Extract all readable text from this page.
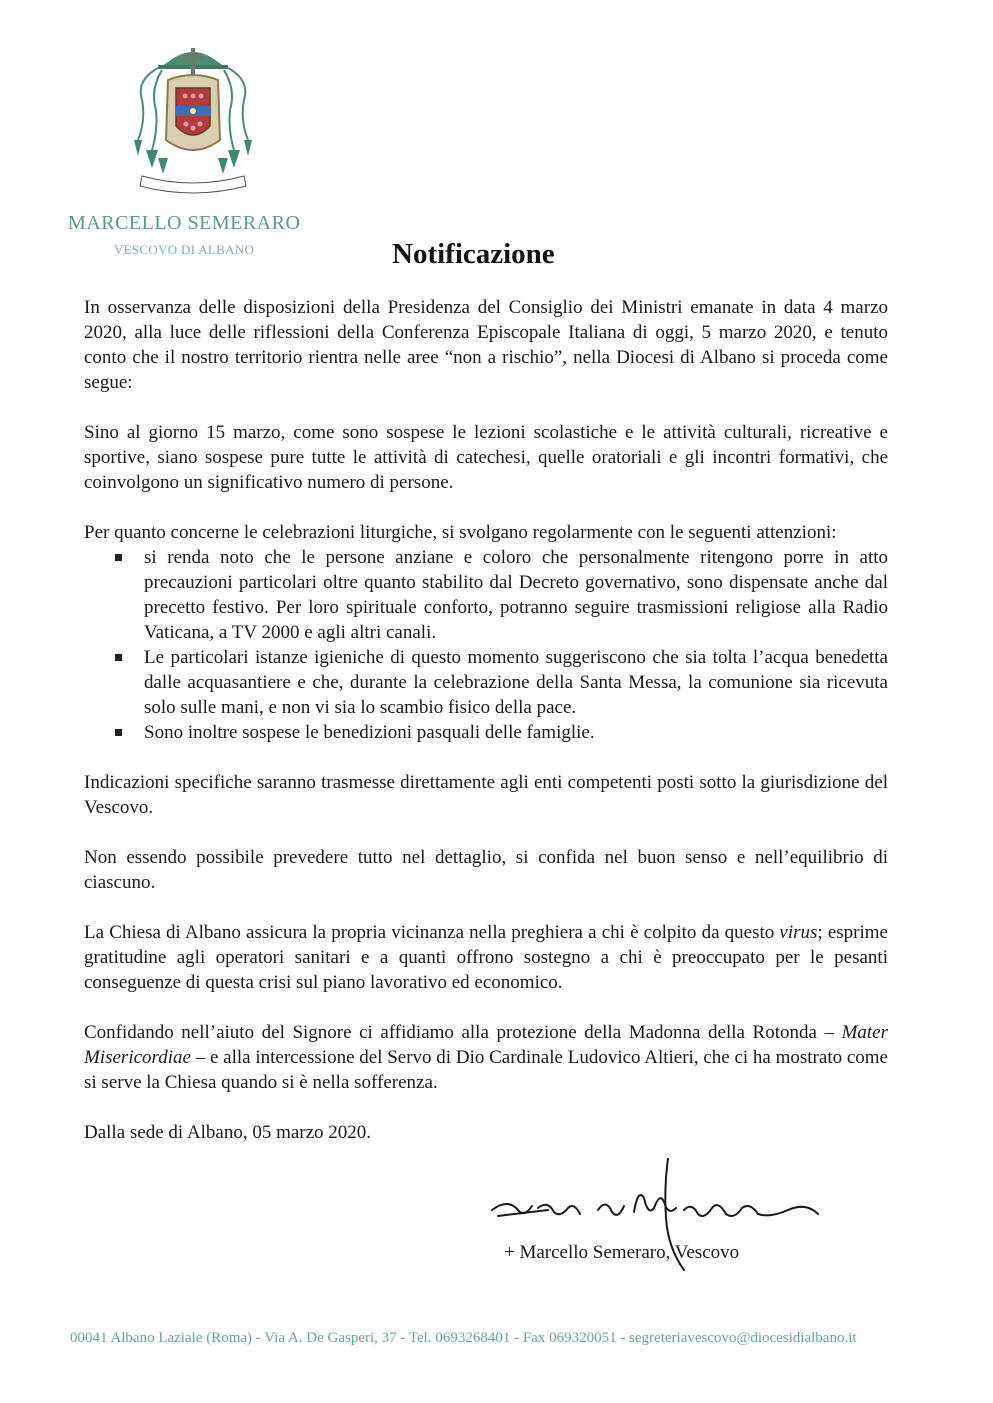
MARCELLO SEMERARO
VESCOVO DI ALBANO	Notificazione

In osservanza delle disposizioni della Presidenza del Consiglio dei Ministri emanate in data 4 marzo 2020, alla luce delle riflessioni della Conferenza Episcopale Italiana di oggi, 5 marzo 2020, e tenuto conto che il nostro territorio rientra nelle aree “non a rischio”, nella Diocesi di Albano si proceda come segue:

Sino al giorno 15 marzo, come sono sospese le lezioni scolastiche e le attività culturali, ricreative e sportive, siano sospese pure tutte le attività di catechesi, quelle oratoriali e gli incontri formativi, che coinvolgono un significativo numero di persone.

Per quanto concerne le celebrazioni liturgiche, si svolgano regolarmente con le seguenti attenzioni:

si renda noto che le persone anziane e coloro che personalmente ritengono porre in atto precauzioni particolari oltre quanto stabilito dal Decreto governativo, sono dispensate anche dal precetto festivo. Per loro spirituale conforto, potranno seguire trasmissioni religiose alla Radio Vaticana, a TV 2000 e agli altri canali.
Le particolari istanze igieniche di questo momento suggeriscono che sia tolta l’acqua benedetta dalle acquasantiere e che, durante la celebrazione della Santa Messa, la comunione sia ricevuta solo sulle mani, e non vi sia lo scambio fisico della pace.
Sono inoltre sospese le benedizioni pasquali delle famiglie.

Indicazioni specifiche saranno trasmesse direttamente agli enti competenti posti sotto la giurisdizione del Vescovo.

Non essendo possibile prevedere tutto nel dettaglio, si confida nel buon senso e nell’equilibrio di ciascuno.

La Chiesa di Albano assicura la propria vicinanza nella preghiera a chi è colpito da questo virus; esprime gratitudine agli operatori sanitari e a quanti offrono sostegno a chi è preoccupato per le pesanti conseguenze di questa crisi sul piano lavorativo ed economico.

Confidando nell’aiuto del Signore ci affidiamo alla protezione della Madonna della Rotonda – Mater Misericordiae – e alla intercessione del Servo di Dio Cardinale Ludovico Altieri, che ci ha mostrato come si serve la Chiesa quando si è nella sofferenza.

Dalla sede di Albano, 05 marzo 2020.

+ Marcello Semeraro, Vescovo
00041 Albano Laziale (Roma) - Via A. De Gasperi, 37 - Tel. 0693268401 - Fax 069320051 - segreteriavescovo@diocesidialbano.it
